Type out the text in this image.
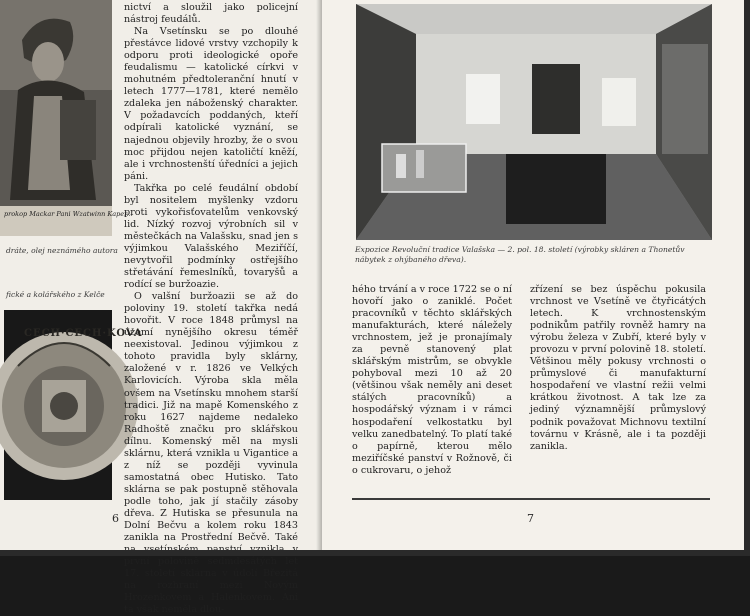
prokop Mackar Pani Wzatwinn Kaper...
dráte, olej neznámého autora
fické a kolářského z Kelče
CECH·CECH·KOVA

nictví a sloužil jako policejní nástroj feudálů.

Na Vsetínsku se po dlouhé přestávce lidové vrstvy vzchopily k odporu proti ideologické opoře feudalismu — katolické církvi v mohutném předtoleranční hnutí v letech 1777—1781, které nemělo zdaleka jen náboženský charakter. V požadavcích poddaných, kteří odpírali katolické vyznání, se najednou objevily hrozby, že o svou moc přijdou nejen katoličtí kněží, ale i vrchnostenští úředníci a jejich páni.

Takřka po celé feudální období byl nositelem myšlenky vzdoru proti vykořisťovatelům venkovský lid. Nízký rozvoj výrobních sil v městečkách na Valašsku, snad jen s výjimkou Valašského Meziříčí, nevytvořil podmínky ostřejšího střetávání řemeslníků, tovaryšů a rodící se buržoazie.

O valšní buržoazii se až do poloviny 19. století takřka nedá hovořit. V roce 1848 průmysl na území nynějšího okresu téměř neexistoval. Jedinou výjimkou z tohoto pravidla byly sklárny, založené v r. 1826 ve Velkých Karlovicích. Výroba skla měla ovšem na Vsetínsku mnohem starší tradici. Již na mapě Komenského z roku 1627 najdeme nedaleko Radhoště značku pro sklářskou dílnu. Komenský měl na mysli sklárnu, která vznikla u Vigantice a z níž se později vyvinula samostatná obec Hutisko. Tato sklárna se pak postupně stěhovala podle toho, jak jí stačily zásoby dřeva. Z Hutiska se přesunula na Dolní Bečvu a kolem roku 1843 zanikla na Prostřední Bečvě. Také první polovině sedmdesátých let 17. století sklárna v údolí Březitá na rozhraní mezi Novým Hrozenkovem a Halenkovem. Ani ta však neměla dlou-

6
Expozice Revoluční tradice Valašska — 2. pol. 18. století (výrobky skláren a Thonetův nábytek z ohýbaného dřeva).
hého trvání a v roce 1722 se o ní hovoří jako o zaniklé. Počet pracovníků v těchto sklářských manufakturách, které náležely vrchnostem, jež je pronajímaly za pevně stanovený plat sklářským mistrům, se obvykle pohyboval mezi 10 až 20 (většinou však neměly ani deset stálých pracovníků) a hospodářský význam i v rámci hospodaření velkostatku byl velku zanedbatelný. To platí také o papírně, kterou mělo meziříčské panství v Rožnově, či o cukrovaru, o jehož
zřízení se bez úspěchu pokusila vrchnost ve Vsetíně ve čtyřicátých letech. K vrchnostenským podnikům patřily rovněž hamry na výrobu železa v Zubří, které byly v provozu v první polovině 18. století. Většinou měly pokusy vrchnosti o průmyslové či manufakturní hospodaření ve vlastní režii velmi krátkou životnost. A tak lze za jediný významnější průmyslový podnik považovat Michnovu textilní továrnu v Krásně, ale i ta později zanikla.
7
